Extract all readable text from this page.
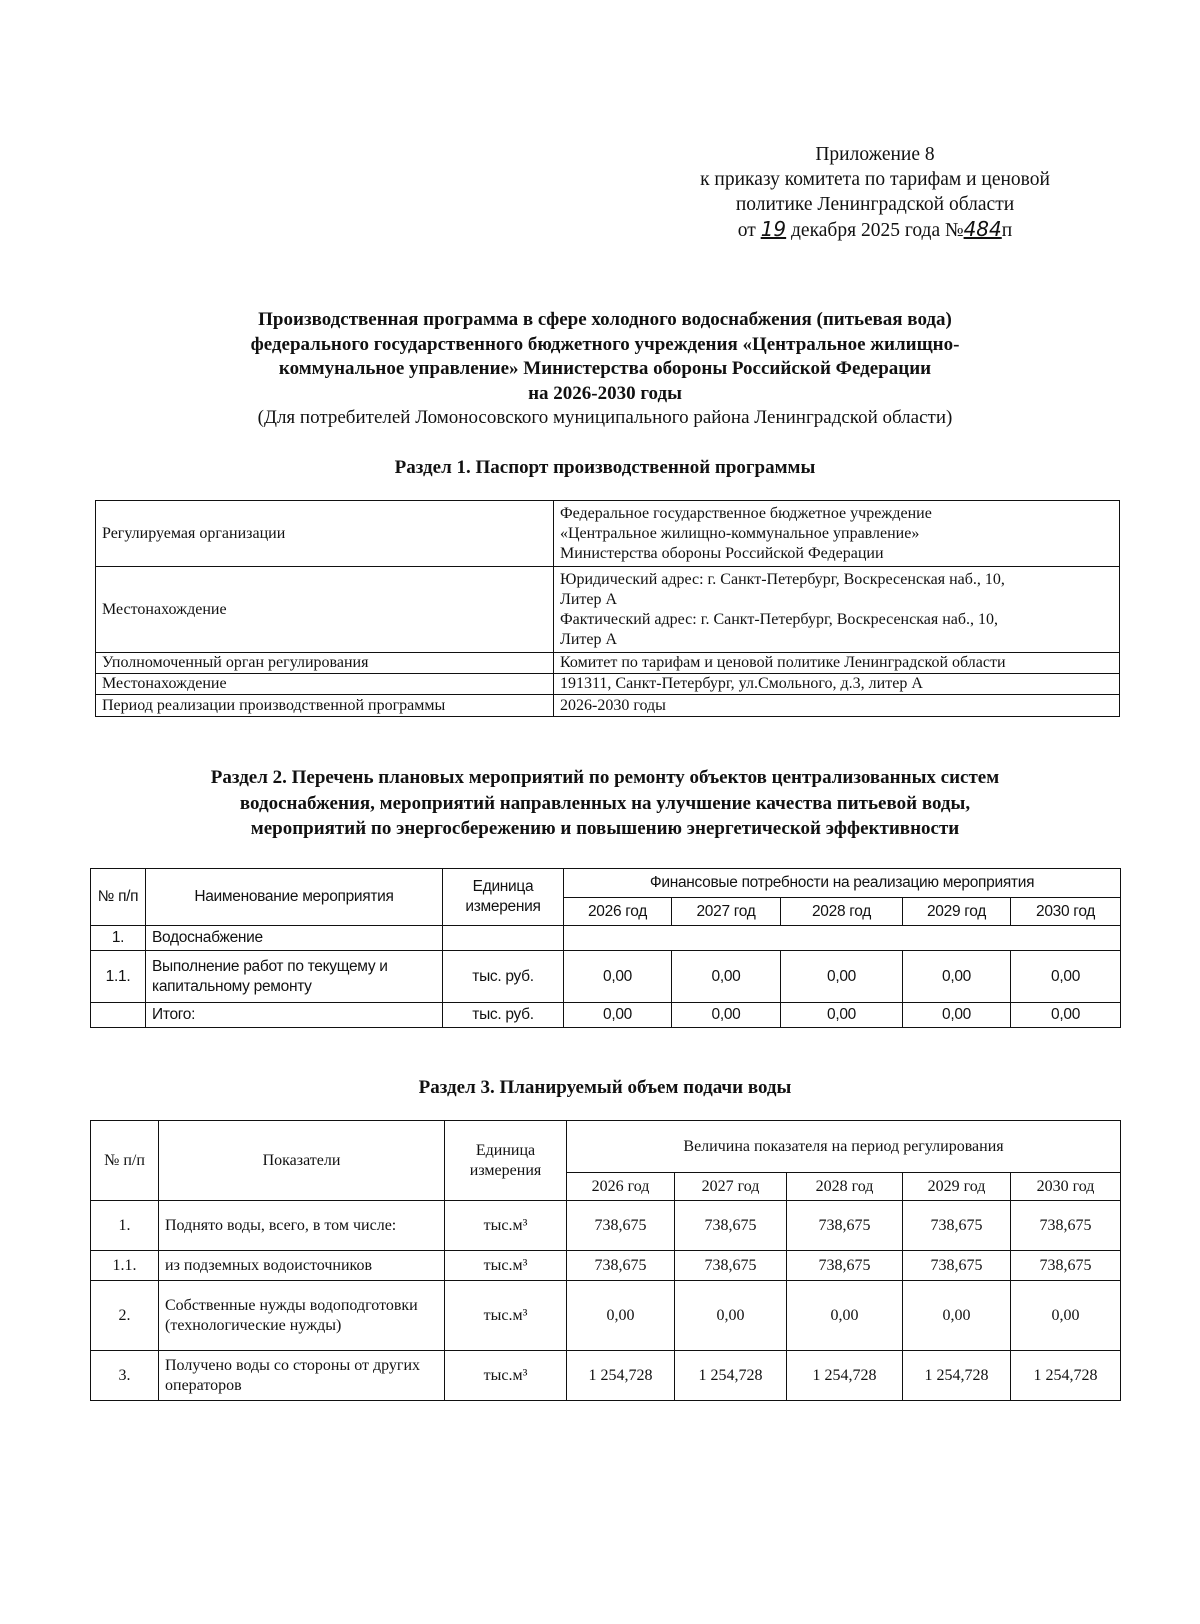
Приложение 8
к приказу комитета по тарифам и ценовой
политике Ленинградской области
от 19 декабря 2025 года №484п
Производственная программа в сфере холодного водоснабжения (питьевая вода)
федерального государственного бюджетного учреждения «Центральное жилищно-
коммунальное управление» Министерства обороны Российской Федерации
на 2026-2030 годы
(Для потребителей Ломоносовского муниципального района Ленинградской области)
Раздел 1. Паспорт производственной программы
Регулируемая организации	Федеральное государственное бюджетное учреждение
«Центральное жилищно-коммунальное управление»
Министерства обороны Российской Федерации

Местонахождение	Юридический адрес: г. Санкт-Петербург, Воскресенская наб., 10,
Литер А
Фактический адрес: г. Санкт-Петербург, Воскресенская наб., 10,
Литер А

Уполномоченный орган регулирования	Комитет по тарифам и ценовой политике Ленинградской области

Местонахождение	191311, Санкт-Петербург, ул.Смольного, д.3, литер А

Период реализации производственной программы	2026-2030 годы
Раздел 2. Перечень плановых мероприятий по ремонту объектов централизованных систем
водоснабжения, мероприятий направленных на улучшение качества питьевой воды,
мероприятий по энергосбережению и повышению энергетической эффективности
№ п/п	Наименование мероприятия	Единица измерения	Финансовые потребности на реализацию мероприятия				
			2026 год	2027 год	2028 год	2029 год	2030 год
1.	Водоснабжение						
1.1.	Выполнение работ по текущему и капитальному ремонту	тыс. руб.	0,00	0,00	0,00	0,00	0,00
	Итого:	тыс. руб.	0,00	0,00	0,00	0,00	0,00
Раздел 3. Планируемый объем подачи воды
№ п/п	Показатели	Единица измерения	Величина показателя на период регулирования				
			2026 год	2027 год	2028 год	2029 год	2030 год
1.	Поднято воды, всего, в том числе:	тыс.м³	738,675	738,675	738,675	738,675	738,675
1.1.	из подземных водоисточников	тыс.м³	738,675	738,675	738,675	738,675	738,675
2.	Собственные нужды водоподготовки (технологические нужды)	тыс.м³	0,00	0,00	0,00	0,00	0,00
3.	Получено воды со стороны от других операторов	тыс.м³	1 254,728	1 254,728	1 254,728	1 254,728	1 254,728
